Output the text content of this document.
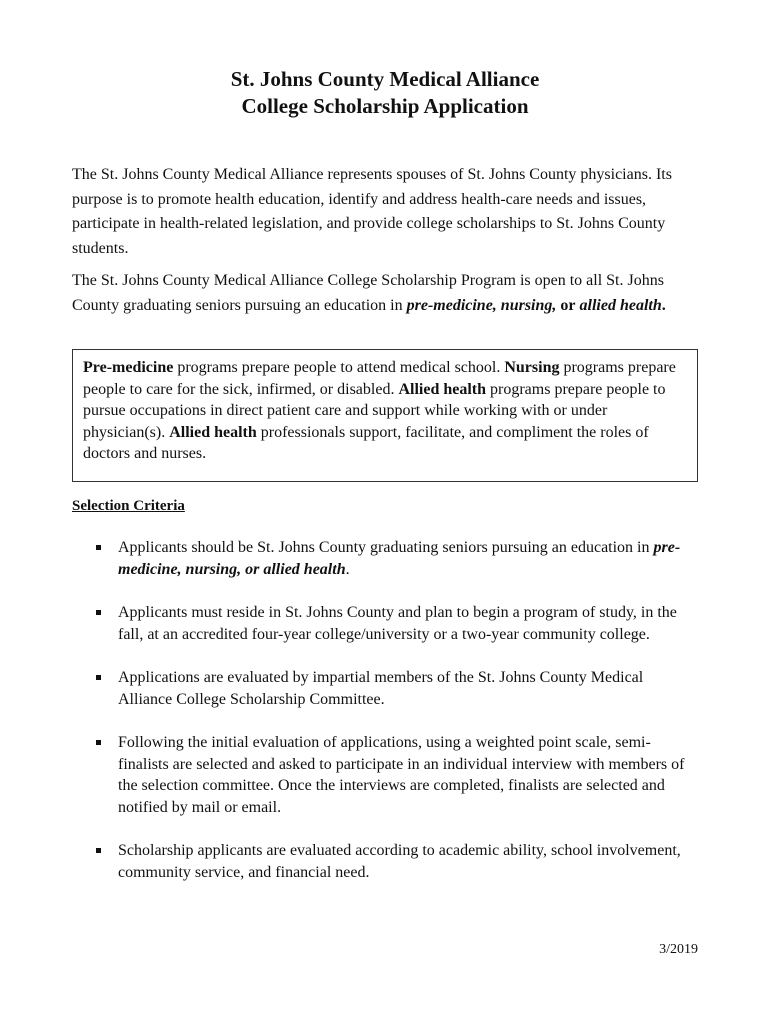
St. Johns County Medical Alliance
College Scholarship Application

The St. Johns County Medical Alliance represents spouses of St. Johns County physicians. Its purpose is to promote health education, identify and address health-care needs and issues, participate in health-related legislation, and provide college scholarships to St. Johns County students.

The St. Johns County Medical Alliance College Scholarship Program is open to all St. Johns County graduating seniors pursuing an education in pre-medicine, nursing, or allied health.

Pre-medicine programs prepare people to attend medical school. Nursing programs prepare people to care for the sick, infirmed, or disabled. Allied health programs prepare people to pursue occupations in direct patient care and support while working with or under physician(s). Allied health professionals support, facilitate, and compliment the roles of doctors and nurses.
Selection Criteria
Applicants should be St. Johns County graduating seniors pursuing an education in pre-medicine, nursing, or allied health.
Applicants must reside in St. Johns County and plan to begin a program of study, in the fall, at an accredited four-year college/university or a two-year community college.
Applications are evaluated by impartial members of the St. Johns County Medical Alliance College Scholarship Committee.
Following the initial evaluation of applications, using a weighted point scale, semi-finalists are selected and asked to participate in an individual interview with members of the selection committee. Once the interviews are completed, finalists are selected and notified by mail or email.
Scholarship applicants are evaluated according to academic ability, school involvement, community service, and financial need.
3/2019
